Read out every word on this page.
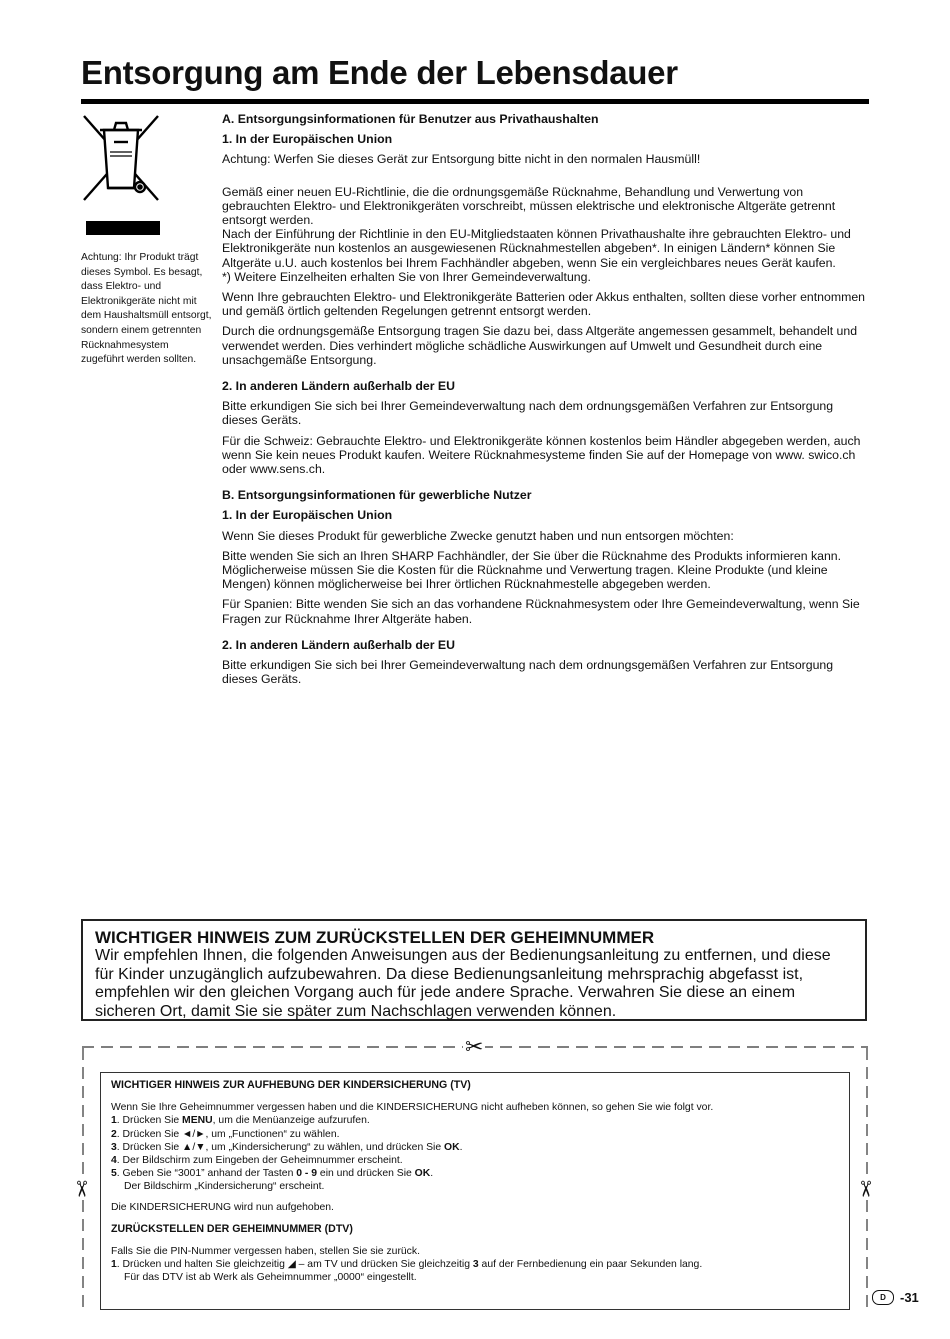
Entsorgung am Ende der Lebensdauer
Achtung: Ihr Produkt trägt dieses Symbol. Es besagt, dass Elektro- und Elektronikgeräte nicht mit dem Haushaltsmüll entsorgt, sondern einem getrennten Rücknahmesystem zugeführt werden sollten.
A. Entsorgungsinformationen für Benutzer aus Privathaushalten
1. In der Europäischen Union

Achtung: Werfen Sie dieses Gerät zur Entsorgung bitte nicht in den normalen Hausmüll!

Gemäß einer neuen EU-Richtlinie, die die ordnungsgemäße Rücknahme, Behandlung und Verwertung von gebrauchten Elektro- und Elektronikgeräten vorschreibt, müssen elektrische und elektronische Altgeräte getrennt entsorgt werden.

Nach der Einführung der Richtlinie in den EU-Mitgliedstaaten können Privathaushalte ihre gebrauchten Elektro- und Elektronikgeräte nun kostenlos an ausgewiesenen Rücknahmestellen abgeben*. In einigen Ländern* können Sie Altgeräte u.U. auch kostenlos bei Ihrem Fachhändler abgeben, wenn Sie ein vergleichbares neues Gerät kaufen.

*) Weitere Einzelheiten erhalten Sie von Ihrer Gemeindeverwaltung.

Wenn Ihre gebrauchten Elektro- und Elektronikgeräte Batterien oder Akkus enthalten, sollten diese vorher entnommen und gemäß örtlich geltenden Regelungen getrennt entsorgt werden.

Durch die ordnungsgemäße Entsorgung tragen Sie dazu bei, dass Altgeräte angemessen gesammelt, behandelt und verwendet werden. Dies verhindert mögliche schädliche Auswirkungen auf Umwelt und Gesundheit durch eine unsachgemäße Entsorgung.

2. In anderen Ländern außerhalb der EU

Bitte erkundigen Sie sich bei Ihrer Gemeindeverwaltung nach dem ordnungsgemäßen Verfahren zur Entsorgung dieses Geräts.

Für die Schweiz: Gebrauchte Elektro- und Elektronikgeräte können kostenlos beim Händler abgegeben werden, auch wenn Sie kein neues Produkt kaufen. Weitere Rücknahmesysteme finden Sie auf der Homepage von www. swico.ch oder www.sens.ch.

B. Entsorgungsinformationen für gewerbliche Nutzer
1. In der Europäischen Union

Wenn Sie dieses Produkt für gewerbliche Zwecke genutzt haben und nun entsorgen möchten:

Bitte wenden Sie sich an Ihren SHARP Fachhändler, der Sie über die Rücknahme des Produkts informieren kann. Möglicherweise müssen Sie die Kosten für die Rücknahme und Verwertung tragen. Kleine Produkte (und kleine Mengen) können möglicherweise bei Ihrer örtlichen Rücknahmestelle abgegeben werden.

Für Spanien: Bitte wenden Sie sich an das vorhandene Rücknahmesystem oder Ihre Gemeindeverwaltung, wenn Sie Fragen zur Rücknahme Ihrer Altgeräte haben.

2. In anderen Ländern außerhalb der EU

Bitte erkundigen Sie sich bei Ihrer Gemeindeverwaltung nach dem ordnungsgemäßen Verfahren zur Entsorgung dieses Geräts.

WICHTIGER HINWEIS ZUM ZURÜCKSTELLEN DER GEHEIMNUMMER

Wir empfehlen Ihnen, die folgenden Anweisungen aus der Bedienungsanleitung zu entfernen, und diese für Kinder unzugänglich aufzubewahren. Da diese Bedienungsanleitung mehrsprachig abgefasst ist, empfehlen wir den gleichen Vorgang auch für jede andere Sprache. Verwahren Sie diese an einem sicheren Ort, damit Sie sie später zum Nachschlagen verwenden können.

✂
✂	✂
WICHTIGER HINWEIS ZUR AUFHEBUNG DER KINDERSICHERUNG (TV)

Wenn Sie Ihre Geheimnummer vergessen haben und die KINDERSICHERUNG nicht aufheben können, so gehen Sie wie folgt vor.

1. Drücken Sie MENU, um die Menüanzeige aufzurufen.

2. Drücken Sie ◄/►, um „Functionen“ zu wählen.

3. Drücken Sie ▲/▼, um „Kindersicherung“ zu wählen, und drücken Sie OK.

4. Der Bildschirm zum Eingeben der Geheimnummer erscheint.

5. Geben Sie “3001” anhand der Tasten 0 - 9 ein und drücken Sie OK.

Der Bildschirm „Kindersicherung“ erscheint.

Die KINDERSICHERUNG wird nun aufgehoben.

ZURÜCKSTELLEN DER GEHEIMNUMMER (DTV)

Falls Sie die PIN-Nummer vergessen haben, stellen Sie sie zurück.

1. Drücken und halten Sie gleichzeitig ◢ – am TV und drücken Sie gleichzeitig 3 auf der Fernbedienung ein paar Sekunden lang.

Für das DTV ist ab Werk als Geheimnummer „0000“ eingestellt.

D	-31
